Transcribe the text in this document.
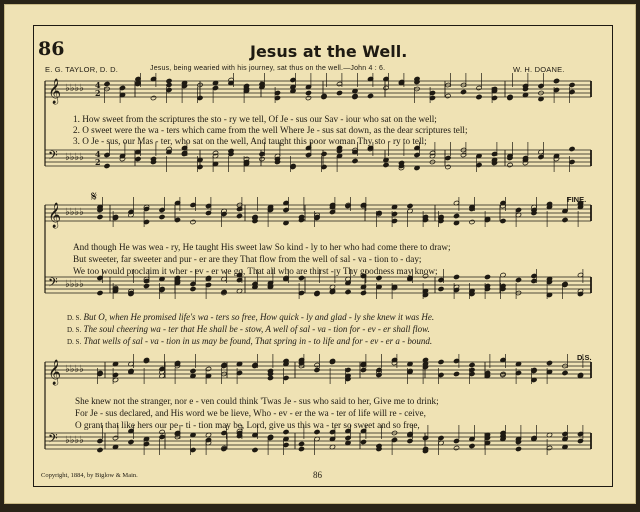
𝄞 ♭♭♭♭ 4
2
𝄢 ♭♭♭♭ 4
2
𝄞 ♭♭♭♭
𝄢 ♭♭♭♭
𝄞 ♭♭♭♭
𝄢 ♭♭♭♭
𝄋
86	Jesus at the Well.
E. G. TAYLOR, D. D.	Jesus, being wearied with his journey, sat thus on the well.—John 4 : 6.	W. H. DOANE.
1. How sweet from the scriptures the sto - ry we tell, Of Je - sus our Sav - iour who sat on the well;
2. O sweet were the wa - ters which came from the well Where Je - sus sat down, as the dear scriptures tell;
3. O Je - sus, our Mas - ter, who sat on the well, And taught this poor woman Thy sto - ry to tell;
FINE.
And though He was wea - ry, He taught His sweet law So kind - ly to her who had come there to draw;
But sweeter, far sweeter and pur - er are they That flow from the well of sal - va - tion to - day;
We too would proclaim it wher - ev - er we go, That all who are thirst - y Thy goodness may know;
D. S. But O, when He promised life's wa - ters so free, How quick - ly and glad - ly she knew it was He.
D. S. The soul cheering wa - ter that He shall be - stow, A well of sal - va - tion for - ev - er shall flow.
D. S. That wells of sal - va - tion in us may be found, That spring in - to life and for - ev - er a - bound.
D.S.
She knew not the stranger, nor e - ven could think 'Twas Je - sus who said to her, Give me to drink;
For Je - sus declared, and His word we be lieve, Who - ev - er the wa - ter of life will re - ceive,
O grant that like hers our pe - ti - tion may be, Lord, give us this wa - ter so sweet and so free,
Copyright, 1884, by Biglow & Main.	86
